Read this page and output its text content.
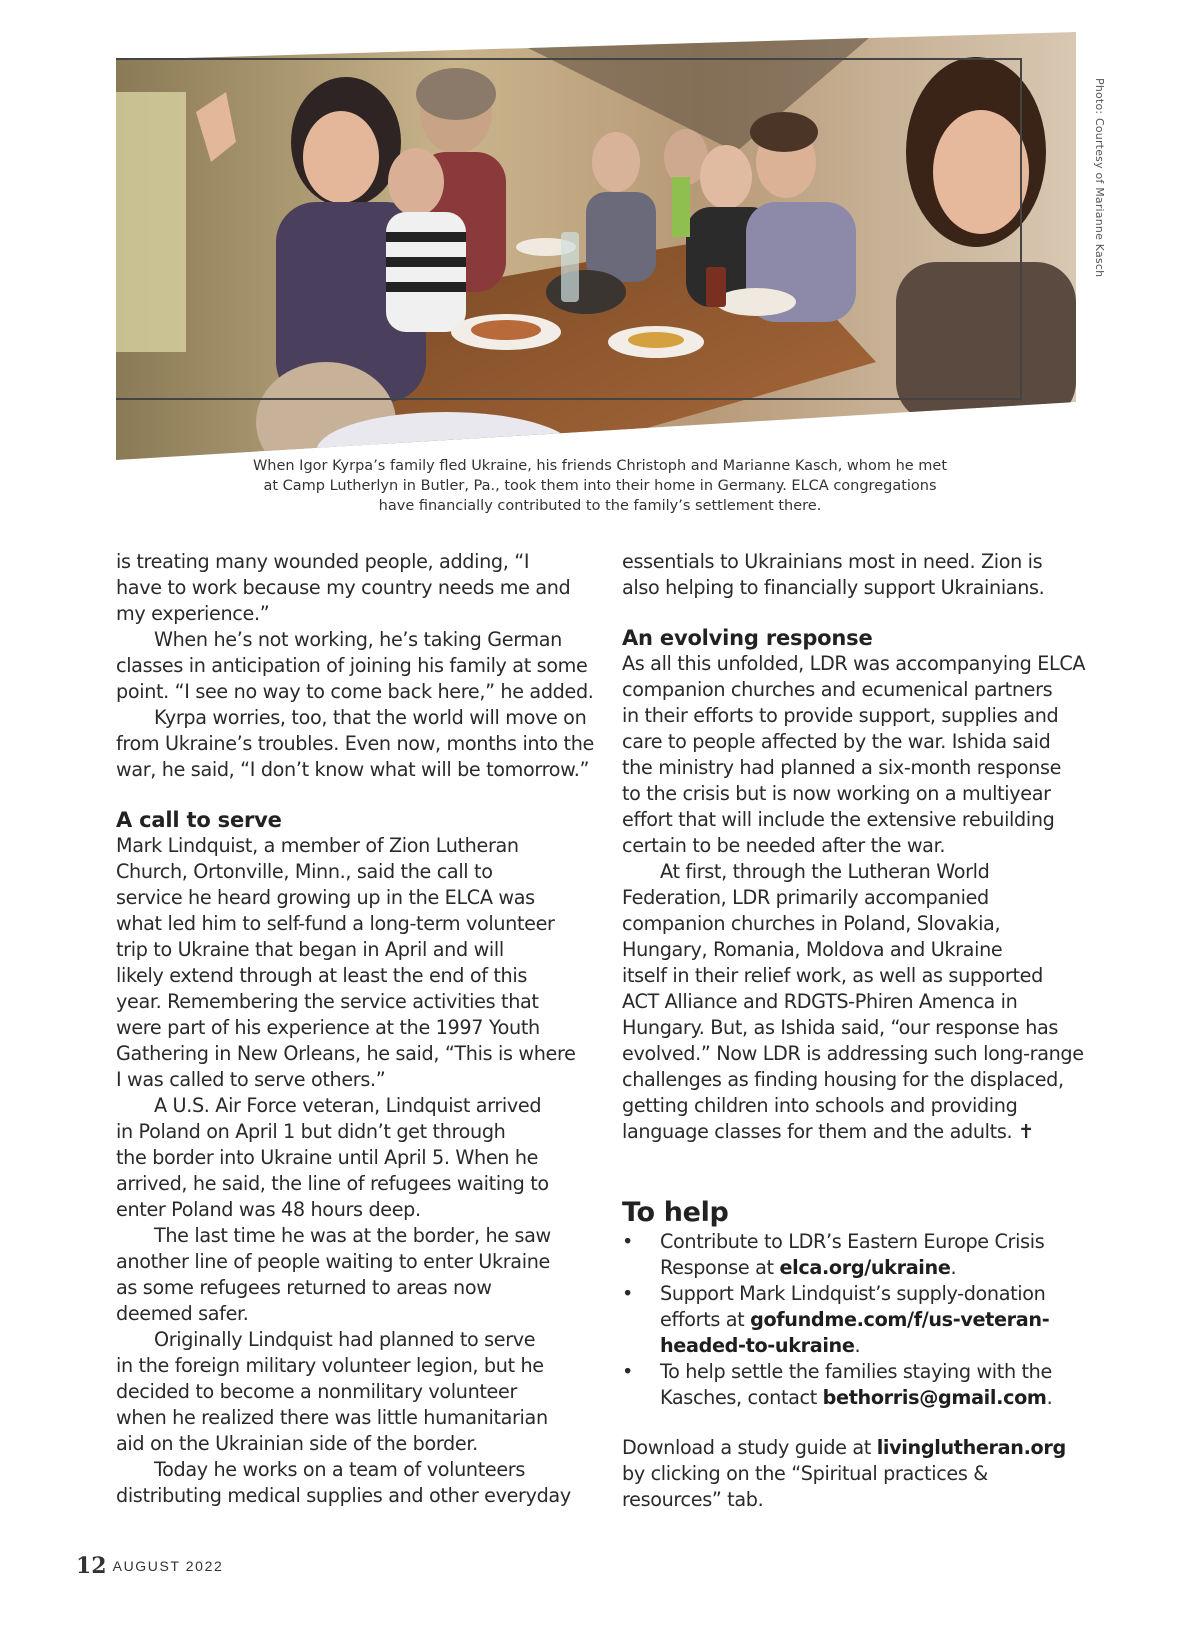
Photo: Courtesy of Marianne Kasch

When Igor Kyrpa’s family fled Ukraine, his friends Christoph and Marianne Kasch, whom he met

at Camp Lutherlyn in Butler, Pa., took them into their home in Germany. ELCA congregations

have financially contributed to the family’s settlement there.

is treating many wounded people, adding, “I

have to work because my country needs me and

my experience.”

When he’s not working, he’s taking German

classes in anticipation of joining his family at some

point. “I see no way to come back here,” he added.

Kyrpa worries, too, that the world will move on

from Ukraine’s troubles. Even now, months into the

war, he said, “I don’t know what will be tomorrow.”

A call to serve

Mark Lindquist, a member of Zion Lutheran

Church, Ortonville, Minn., said the call to

service he heard growing up in the ELCA was

what led him to self-fund a long-term volunteer

trip to Ukraine that began in April and will

likely extend through at least the end of this

year. Remembering the service activities that

were part of his experience at the 1997 Youth

Gathering in New Orleans, he said, “This is where

I was called to serve others.”

A U.S. Air Force veteran, Lindquist arrived

in Poland on April 1 but didn’t get through

the border into Ukraine until April 5. When he

arrived, he said, the line of refugees waiting to

enter Poland was 48 hours deep.

The last time he was at the border, he saw

another line of people waiting to enter Ukraine

as some refugees returned to areas now

deemed safer.

Originally Lindquist had planned to serve

in the foreign military volunteer legion, but he

decided to become a nonmilitary volunteer

when he realized there was little humanitarian

aid on the Ukrainian side of the border.

Today he works on a team of volunteers

distributing medical supplies and other everyday

essentials to Ukrainians most in need. Zion is

also helping to financially support Ukrainians.

An evolving response

As all this unfolded, LDR was accompanying ELCA

companion churches and ecumenical partners

in their efforts to provide support, supplies and

care to people affected by the war. Ishida said

the ministry had planned a six-month response

to the crisis but is now working on a multiyear

effort that will include the extensive rebuilding

certain to be needed after the war.

At first, through the Lutheran World

Federation, LDR primarily accompanied

companion churches in Poland, Slovakia,

Hungary, Romania, Moldova and Ukraine

itself in their relief work, as well as supported

ACT Alliance and RDGTS-Phiren Amenca in

Hungary. But, as Ishida said, “our response has

evolved.” Now LDR is addressing such long-range

challenges as finding housing for the displaced,

getting children into schools and providing

language classes for them and the adults. ✝

To help
• Contribute to LDR’s Eastern Europe Crisis
Response at elca.org/ukraine.
• Support Mark Lindquist’s supply-donation
efforts at gofundme.com/f/us-veteran-
headed-to-ukraine.
• To help settle the families staying with the
Kasches, contact bethorris@gmail.com.

Download a study guide at livinglutheran.org

by clicking on the “Spiritual practices &

resources” tab.

12 AUGUST 2022
